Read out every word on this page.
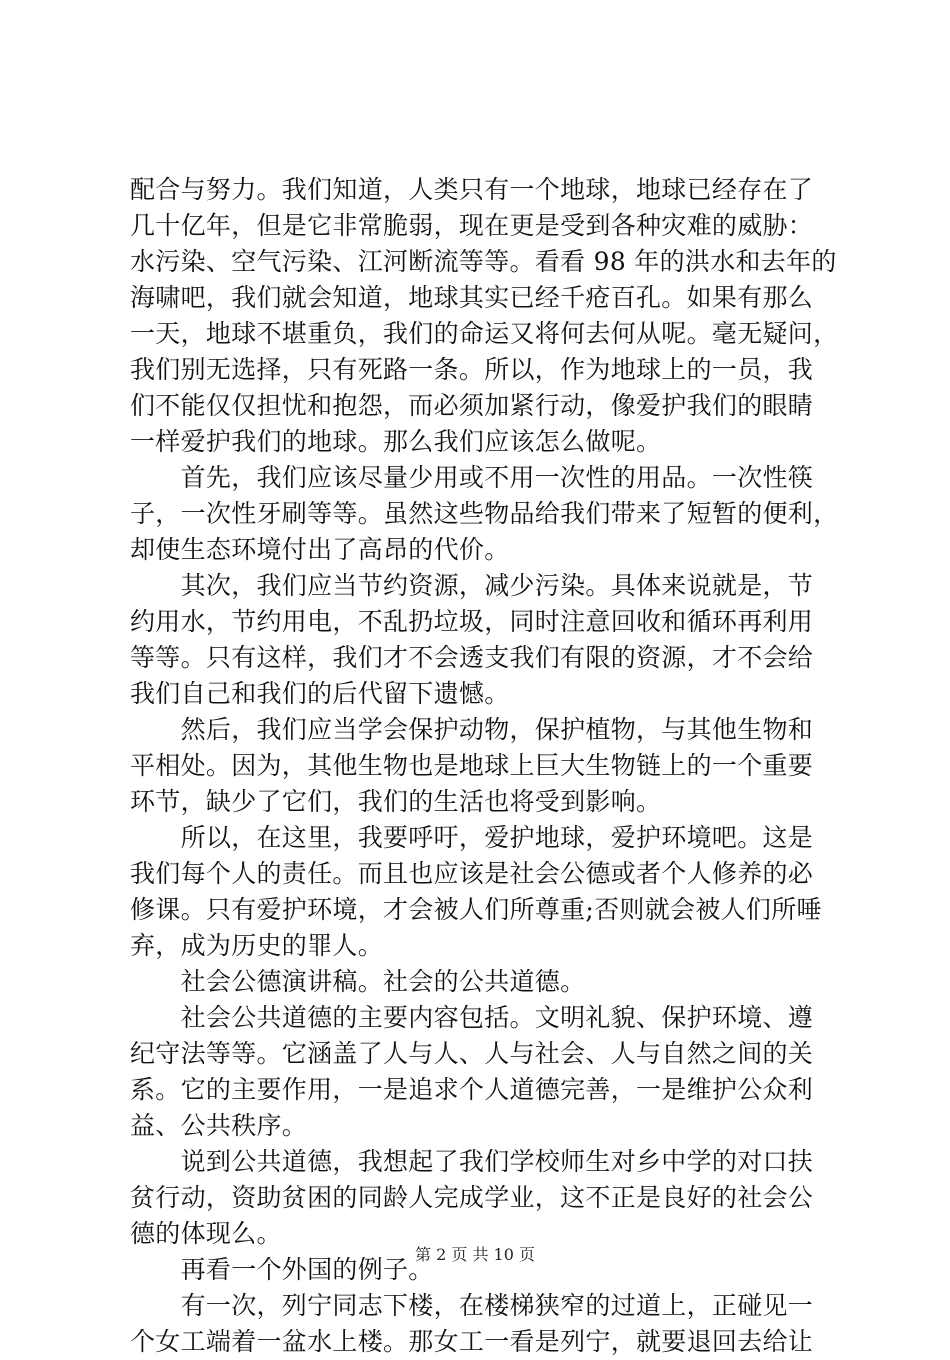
配合与努力。我们知道，人类只有一个地球，地球已经存在了
几十亿年，但是它非常脆弱，现在更是受到各种灾难的威胁：
水污染、空气污染、江河断流等等。看看 98 年的洪水和去年的
海啸吧，我们就会知道，地球其实已经千疮百孔。如果有那么
一天，地球不堪重负，我们的命运又将何去何从呢。毫无疑问，
我们别无选择，只有死路一条。所以，作为地球上的一员，我
们不能仅仅担忧和抱怨，而必须加紧行动，像爱护我们的眼睛
一样爱护我们的地球。那么我们应该怎么做呢。
　　首先，我们应该尽量少用或不用一次性的用品。一次性筷
子，一次性牙刷等等。虽然这些物品给我们带来了短暂的便利，
却使生态环境付出了高昂的代价。
　　其次，我们应当节约资源，减少污染。具体来说就是，节
约用水，节约用电，不乱扔垃圾，同时注意回收和循环再利用
等等。只有这样，我们才不会透支我们有限的资源，才不会给
我们自己和我们的后代留下遗憾。
　　然后，我们应当学会保护动物，保护植物，与其他生物和
平相处。因为，其他生物也是地球上巨大生物链上的一个重要
环节，缺少了它们，我们的生活也将受到影响。
　　所以，在这里，我要呼吁，爱护地球，爱护环境吧。这是
我们每个人的责任。而且也应该是社会公德或者个人修养的必
修课。只有爱护环境，才会被人们所尊重;否则就会被人们所唾
弃，成为历史的罪人。
　　社会公德演讲稿。社会的公共道德。
　　社会公共道德的主要内容包括。文明礼貌、保护环境、遵
纪守法等等。它涵盖了人与人、人与社会、人与自然之间的关
系。它的主要作用，一是追求个人道德完善，一是维护公众利
益、公共秩序。
　　说到公共道德，我想起了我们学校师生对乡中学的对口扶
贫行动，资助贫困的同龄人完成学业，这不正是良好的社会公
德的体现么。
　　再看一个外国的例子。
　　有一次，列宁同志下楼，在楼梯狭窄的过道上，正碰见一
个女工端着一盆水上楼。那女工一看是列宁，就要退回去给让
第 2 页 共 10 页
